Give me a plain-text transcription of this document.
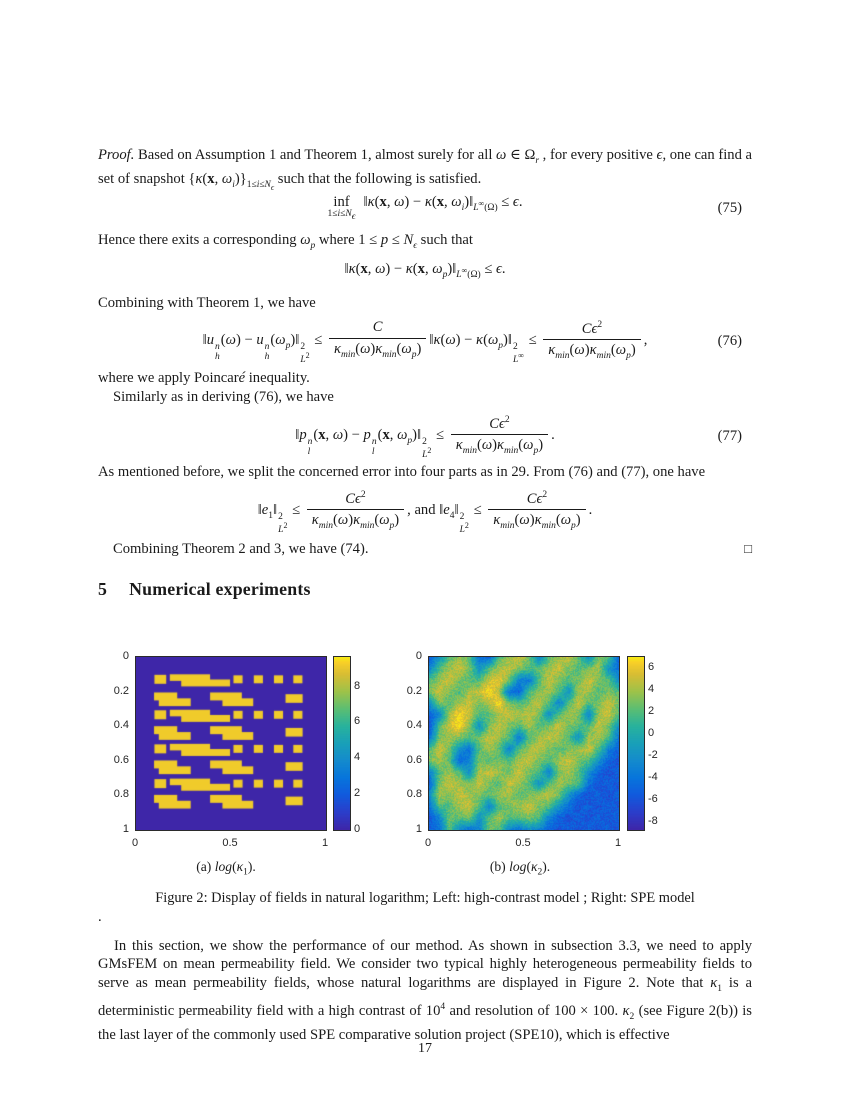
Proof. Based on Assumption 1 and Theorem 1, almost surely for all ω ∈ $\Omega_r$ , for every positive ϵ, one can find a set of snapshot {κ(x, $\omega_i)\}_{1\le i\le N_\epsilon}$ such that the following is satisfied.
inf
$1\le i\le N_\epsilon$
‖κ(x, ω) − κ(x, $\omega_i)‖_{L^\infty(\Omega)} \le \epsilon$.	(75)
Hence there exits a corresponding $\omega_p$ where $1 \le p \le N_\epsilon$ such that
‖κ(x, ω) − κ(x, $\omega_p)‖_{L^\infty(\Omega)} \le \epsilon$.
Combining with Theorem 1, we have
‖u n
h
(ω) − u n
h
$(\omega_p)‖$ 2
$L^2$
≤ $\frac{C}{\kappa_{min}(\omega)\kappa_{min}(\omega_p)}$ ‖κ(ω) − $\kappa(\omega_p)‖$ 2
L∞
≤ $\frac{C\epsilon^2}{\kappa_{min}(\omega)\kappa_{min}(\omega_p)}$ ,	(76)
where we apply Poincaré inequality.
Similarly as in deriving (76), we have
‖p n
l
(x, ω) − p n
l
(x, $\omega_p)‖$ 2
$L^2$
≤ $\frac{C\epsilon^2}{\kappa_{min}(\omega)\kappa_{min}(\omega_p)}$ .	(77)
As mentioned before, we split the concerned error into four parts as in 29. From (76) and (77), one have
$‖e_1‖$ 2
$L^2$
≤ $\frac{C\epsilon^2}{\kappa_{min}(\omega)\kappa_{min}(\omega_p)}$ , and $‖e_4‖$ 2
$L^2$
≤ $\frac{C\epsilon^2}{\kappa_{min}(\omega)\kappa_{min}(\omega_p)}$ .
Combining Theorem 2 and 3, we have (74).	□
5 Numerical experiments
0
0.2
0.4
0.6
0.8
1
0	0.5	1
0
2
4
6
8
0
0.2
0.4
0.6
0.8
1
0	0.5	1
-8
-6
-4
-2
0
2
4
6
(a) $\log(\kappa_1)$.	(b) $\log(\kappa_2)$.
Figure 2: Display of fields in natural logarithm; Left: high-contrast model ; Right: SPE model
.
In this section, we show the performance of our method. As shown in subsection 3.3, we need to apply GMsFEM on mean permeability field. We consider two typical highly heterogeneous permeability fields to serve as mean permeability fields, whose natural logarithms are displayed in Figure 2. Note that $\kappa_1$ is a deterministic permeability field with a high contrast of $10^4$ and resolution of 100 × 100. $\kappa_2$ (see Figure 2(b)) is the last layer of the commonly used SPE comparative solution project (SPE10), which is effective
17
